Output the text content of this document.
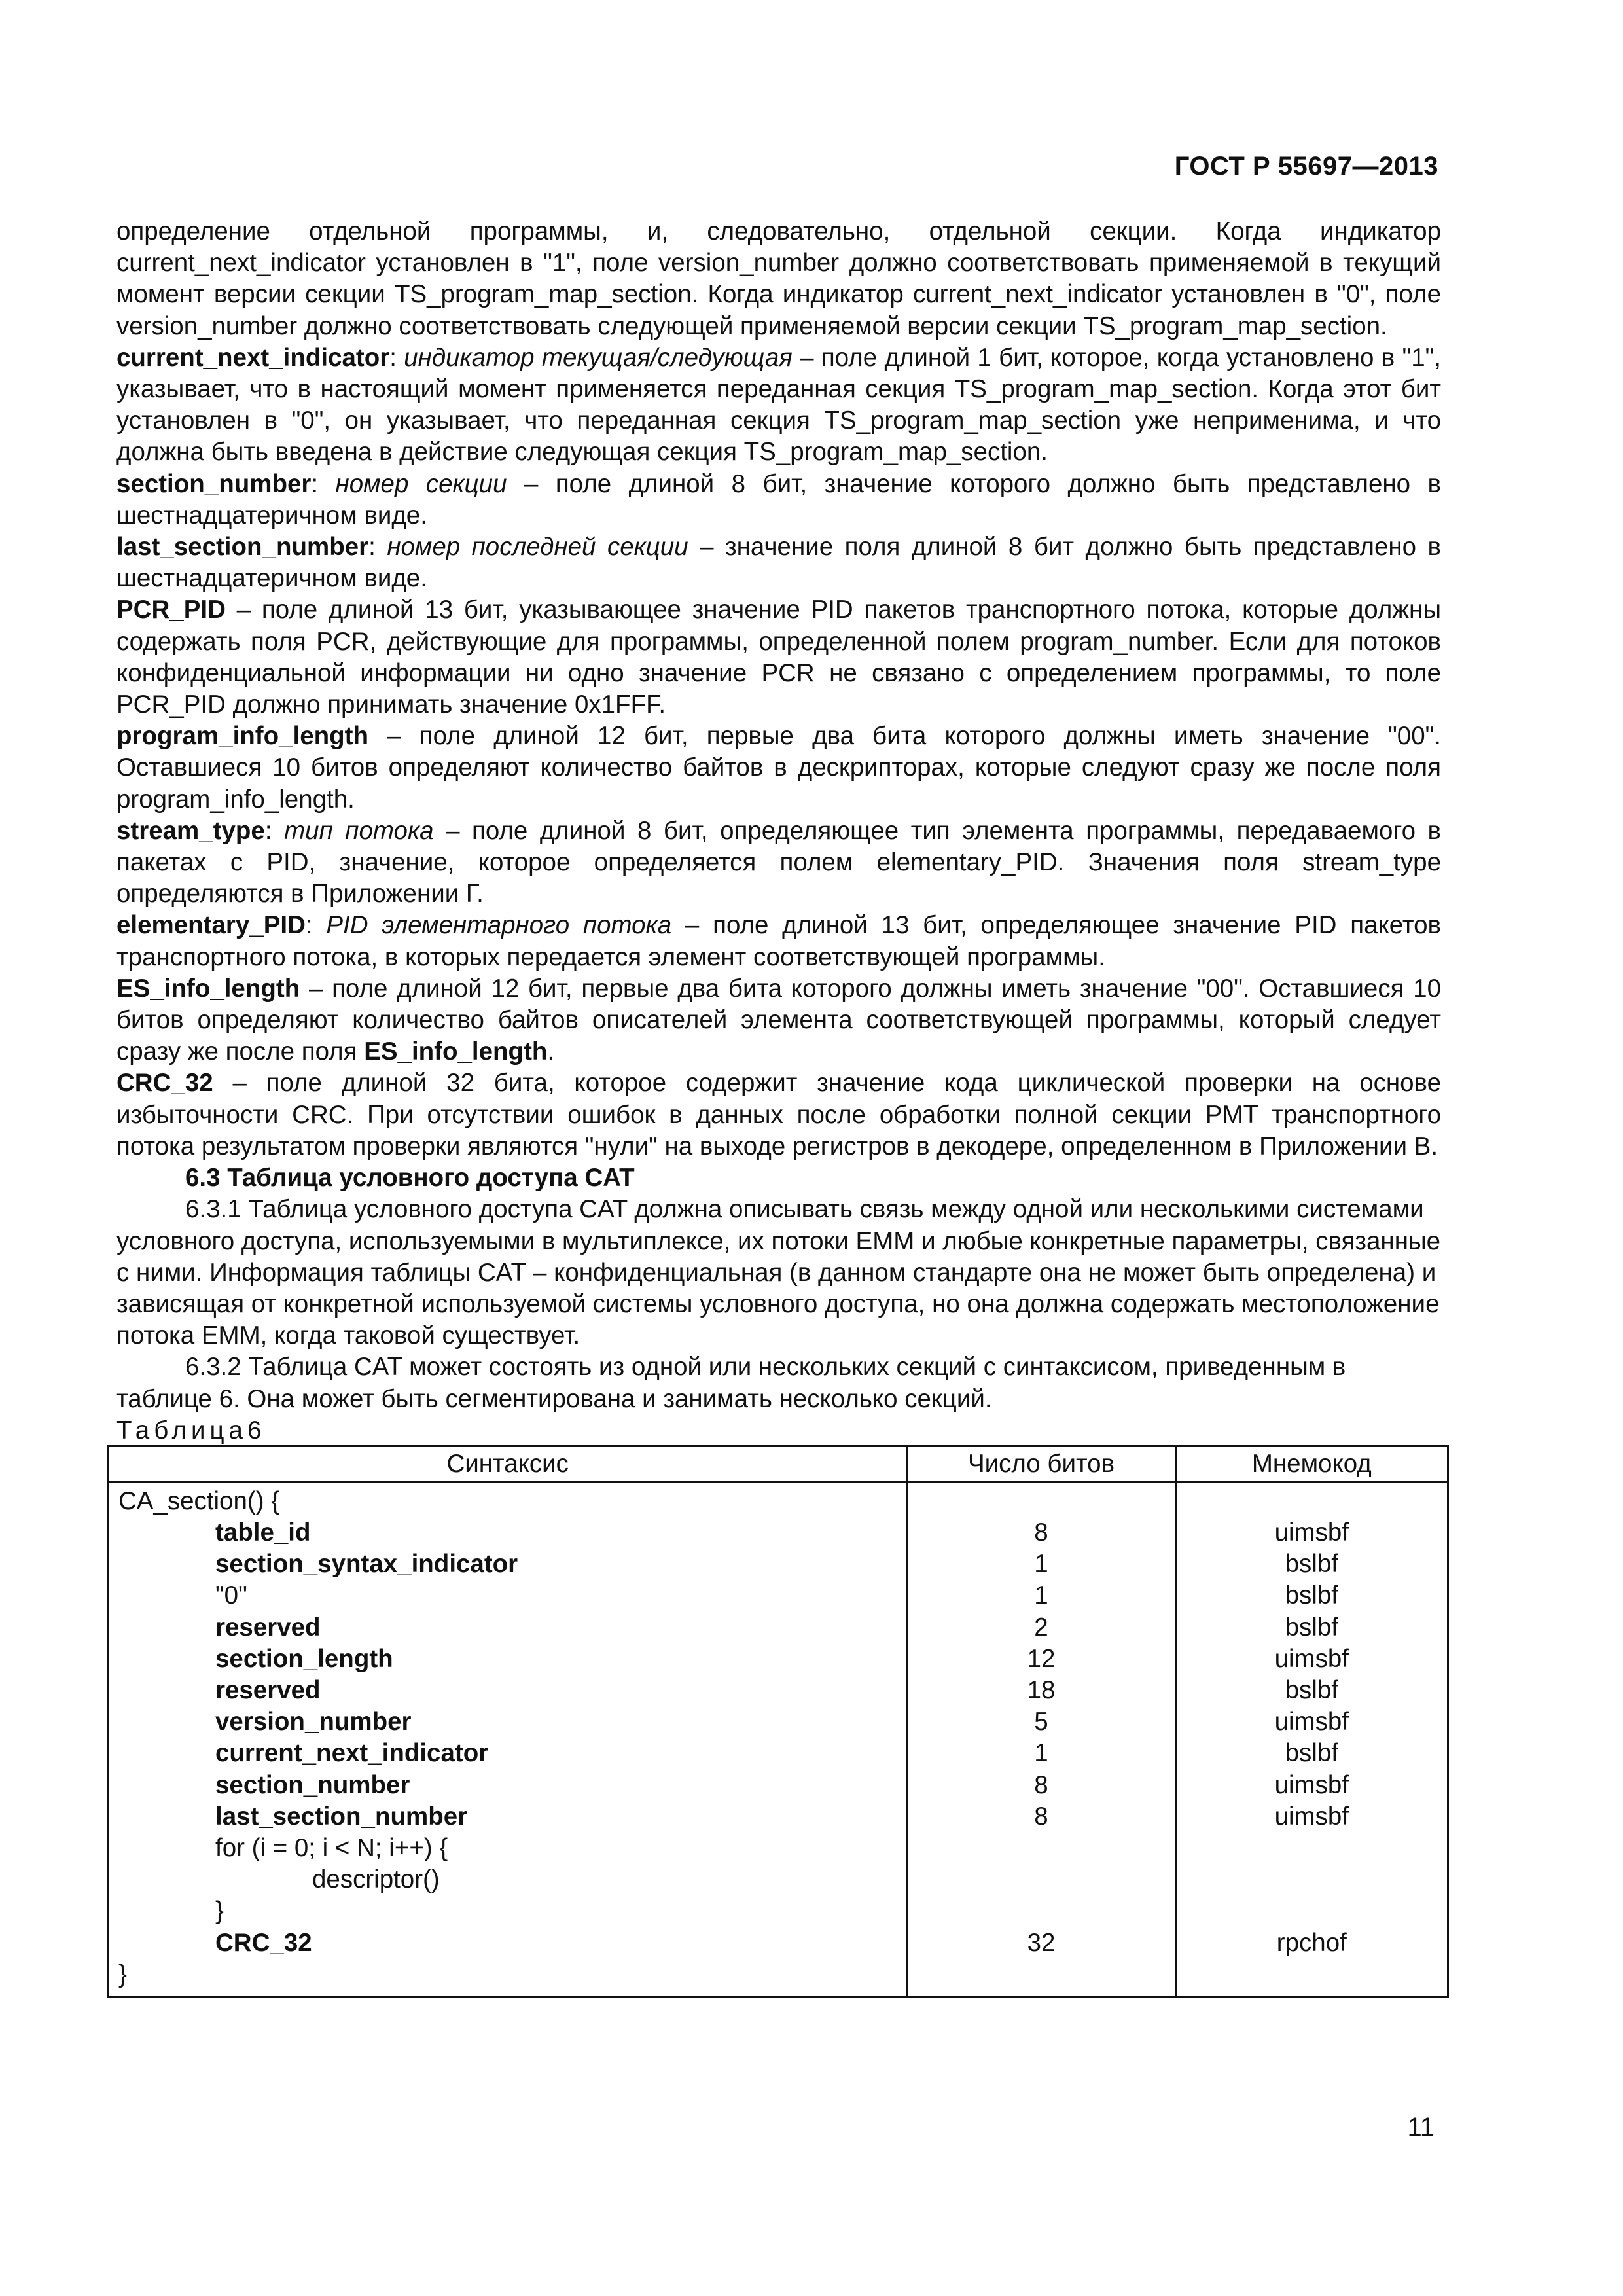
ГОСТ Р 55697—2013

определение отдельной программы, и, следовательно, отдельной секции. Когда индикатор current_next_indicator установлен в "1", поле version_number должно соответствовать применяемой в текущий момент версии секции TS_program_map_section. Когда индикатор current_next_indicator установлен в "0", поле version_number должно соответствовать следующей применяемой версии секции TS_program_map_section.

current_next_indicator: индикатор текущая/следующая – поле длиной 1 бит, которое, когда установлено в "1", указывает, что в настоящий момент применяется переданная секция TS_program_map_section. Когда этот бит установлен в "0", он указывает, что переданная секция TS_program_map_section уже неприменима, и что должна быть введена в действие следующая секция TS_program_map_section.

section_number: номер секции – поле длиной 8 бит, значение которого должно быть представлено в шестнадцатеричном виде.

last_section_number: номер последней секции – значение поля длиной 8 бит должно быть представлено в шестнадцатеричном виде.

PCR_PID – поле длиной 13 бит, указывающее значение PID пакетов транспортного потока, которые должны содержать поля PCR, действующие для программы, определенной полем program_number. Если для потоков конфиденциальной информации ни одно значение PCR не связано с определением программы, то поле PCR_PID должно принимать значение 0x1FFF.

program_info_length – поле длиной 12 бит, первые два бита которого должны иметь значение "00". Оставшиеся 10 битов определяют количество байтов в дескрипторах, которые следуют сразу же после поля program_info_length.

stream_type: тип потока – поле длиной 8 бит, определяющее тип элемента программы, передаваемого в пакетах с PID, значение, которое определяется полем elementary_PID. Значения поля stream_type определяются в Приложении Г.

elementary_PID: PID элементарного потока – поле длиной 13 бит, определяющее значение PID пакетов транспортного потока, в которых передается элемент соответствующей программы.

ES_info_length – поле длиной 12 бит, первые два бита которого должны иметь значение "00". Оставшиеся 10 битов определяют количество байтов описателей элемента соответствующей программы, который следует сразу же после поля ES_info_length.

CRC_32 – поле длиной 32 бита, которое содержит значение кода циклической проверки на основе избыточности CRC. При отсутствии ошибок в данных после обработки полной секции PMT транспортного потока результатом проверки являются "нули" на выходе регистров в декодере, определенном в Приложении В.

6.3 Таблица условного доступа CAT

6.3.1 Таблица условного доступа CAT должна описывать связь между одной или несколькими системами условного доступа, используемыми в мультиплексе, их потоки EMM и любые конкретные параметры, связанные с ними. Информация таблицы CAT – конфиденциальная (в данном стандарте она не может быть определена) и зависящая от конкретной используемой системы условного доступа, но она должна содержать местоположение потока EMM, когда таковой существует.

6.3.2 Таблица CAT может состоять из одной или нескольких секций с синтаксисом, приведенным в таблице 6. Она может быть сегментирована и занимать несколько секций.

Таблица6

Синтаксис	Число битов	Мнемокод
CA_section() {		
table_id	8	uimsbf
section_syntax_indicator	1	bslbf
"0"	1	bslbf
reserved	2	bslbf
section_length	12	uimsbf
reserved	18	bslbf
version_number	5	uimsbf
current_next_indicator	1	bslbf
section_number	8	uimsbf
last_section_number	8	uimsbf
for (i = 0; i < N; i++) {		
descriptor()		
}		
CRC_32	32	rpchof
}		
11
